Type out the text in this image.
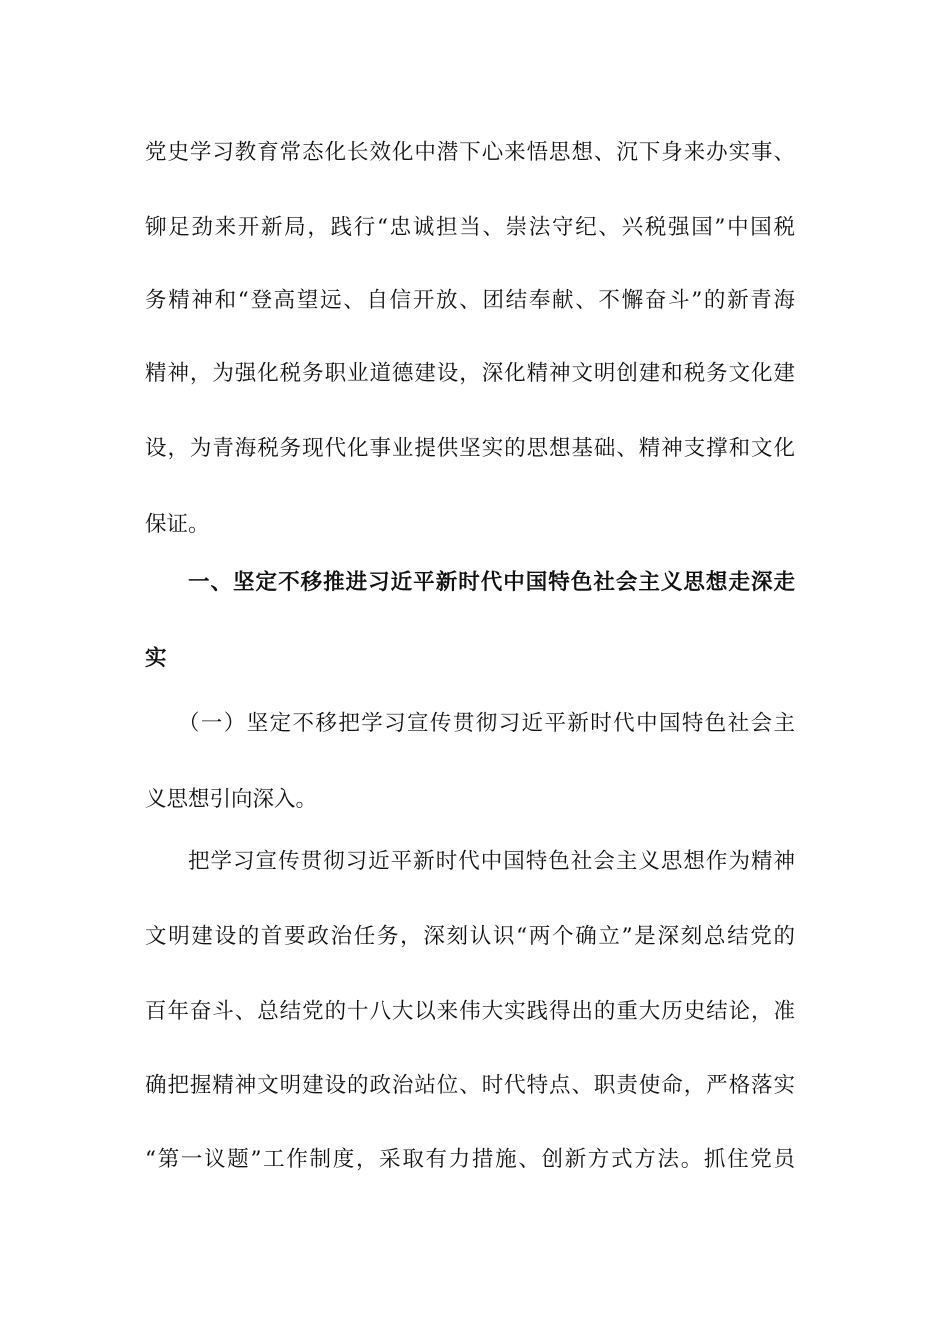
党史学习教育常态化长效化中潜下心来悟思想、沉下身来办实事、
铆足劲来开新局，践行“忠诚担当、崇法守纪、兴税强国”中国税
务精神和“登高望远、自信开放、团结奉献、不懈奋斗”的新青海
精神，为强化税务职业道德建设，深化精神文明创建和税务文化建
设，为青海税务现代化事业提供坚实的思想基础、精神支撑和文化
保证。
一、坚定不移推进习近平新时代中国特色社会主义思想走深走
实
（一）坚定不移把学习宣传贯彻习近平新时代中国特色社会主
义思想引向深入。
把学习宣传贯彻习近平新时代中国特色社会主义思想作为精神
文明建设的首要政治任务，深刻认识“两个确立”是深刻总结党的
百年奋斗、总结党的十八大以来伟大实践得出的重大历史结论，准
确把握精神文明建设的政治站位、时代特点、职责使命，严格落实
“第一议题”工作制度，采取有力措施、创新方式方法。抓住党员
